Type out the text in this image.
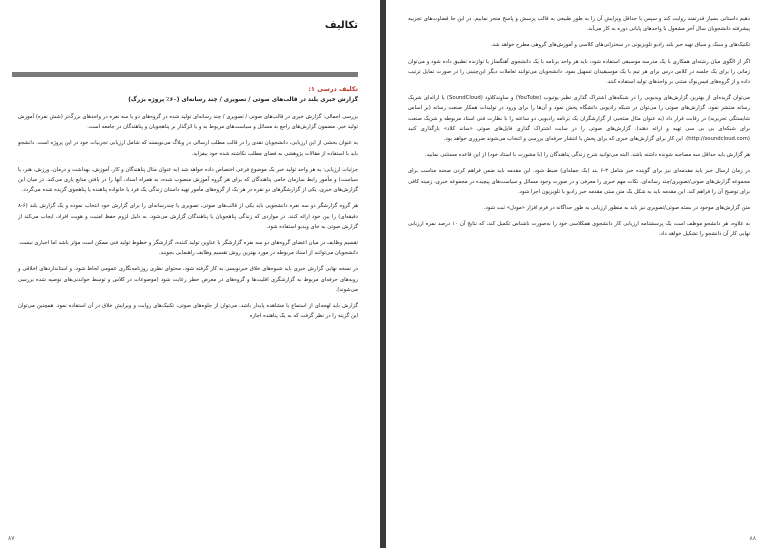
تکالیف
تکلیف درسی ۱:
گزارش خبری بلند در قالب‌های صوتی / تصویری / چند رسانه‌ای (۶۰٪ پروژه بزرگ)

بررسی اجمالی: گزارش خبری در قالب‌های صوتی / تصویری / چند رسانه‌ای تولید شده در گروه‌های دو یا سه نفره در واحدهای بزرگ‌تر (شش نفره) آموزش تولید خبر. مضمون گزارش‌های راجع به مسائل و سیاست‌های مربوط به و یا اثرگذار بر پناهجویان و پناهندگان در جامعه است.

به عنوان بخشی از این ارزیابی، دانشجویان نقدی را در قالب مطلب ارسالی در وبلاگ می‌نویسند که شامل ارزیابی تجربیات خود در این پروژه است. دانشجو باید با استفاده از مقالات پژوهشی به فضای مطلب نکاشته شده خود بیفزاید.

جزئیات ارزیابی: به هر واحد تولید خبر یک موضوع فرعی اختصاص داده خواهد شد (به عنوان مثال پناهندگان و کار، آموزش، بهداشت و درمان، ورزش، هنر، یا سیاست) و مأمور رابط سازمان حامی پناهندگان که برای هر گروه آموزش منصوب شده، به همراه استاد، آنها را در یافتن منابع یاری می‌کند. در میان این گزارش‌های خبری، یکی از گزارشگرهای دو نفره در هر یک از گروه‌های مأمور تهیه داستان زندگی یک فرد یا خانواده پناهنده یا پناهجوی گزیده شده می‌گردد.

هر گروه گزارشگر دو سه نفره دانشجویی باید یکی از قالب‌های صوتی، تصویری یا چندرسانه‌ای را برای گزارش خود انتخاب نموده و یک گزارش بلند (۶-۸ دقیقه‌ای) را بین خود ارائه کنند. در مواردی که زندگی پناهجویان یا پناهندگان گزارش می‌شود، به دلیل لزوم حفظ امنیت و هویت افراد، ایجاب می‌کند از گزارش صوتی به جای ویدیو استفاده شود.

تقسیم وظایف در میان اعضای گروه‌های دو سه نفره گزارشگر با عناوین تولید کننده، گزارشگر و خطوط تولید فنی ممکن است مؤثر باشد اما اجباری نیست. دانشجویان می‌توانند از اسناد مربوطه در مورد بهترین روش تقسیم وظایف راهنمایی بجویند.

در نسخه نهایی گزارش خبری باید شیوه‌های خلاق خبرنویسی به کار گرفته شود، محتوای نظری روزنامه‌نگاری عمومی لحاظ شود، و استانداردهای اخلاقی و رویه‌های حرفه‌ای مربوط به گزارشگری اقلیت‌ها و گروه‌های در معرض خطر رعایت شود (موضوعات در کلاس و توسط خواندنی‌های توصیه شده بررسی می‌شوند).

گزارش باید لهجه‌ای از استماع یا مشاهده پایدار باشد. می‌توان از جلوه‌های صوتی، تکنیک‌های روایت و ویرایش خلاق در آن استفاده نمود. همچنین می‌توان این گزینه را در نظر گرفت که به یک پناهنده اجازه

۸۷

دهیم داستانی بسیار قدرتمند روایت کند و سپس با حداقل ویرایش آن را به طور طبیعی به قالب پرسش و پاسخ منجر نماییم. در این جا قضاوت‌های تجربیه پیشرفته دانشجویان سال آخر مشغول با واحدهای پایانی دوره به کار می‌آید.

تکنیک‌های و سبک و سیاق تهیه خبر بلند رادیو تلویزیونی در سخنرانی‌های کلاسی و آموزش‌های گروهی مطرح خواهد شد.

اگر از الگوی میان رشته‌ای همکاری با یک مدرسه موسیقی استفاده شود، باید هر واحد برنامه با یک دانشجوی آهنگساز یا نوازنده تطبیق داده شود و می‌توان زمانی را برای یک جلسه در کلاس درس برای هر تیم با یک موسیقیدان تسهیل نمود. دانشجویان می‌توانند تعاملات دیگر این‌چنینی را در صورت تمایل ترتیب داده و از گروه‌های فیس‌بوک مبتنی بر واحدهای تولید استفاده کنند.

می‌توان گزیده‌ای از بهترین گزارش‌های ویدیویی را در شبکه‌های اشتراک گذاری نظیر یوتیوب (YouTube) و ساوندکلاود (SoundCloud) یا ارائه‌ای شریک رسانه منتشر نمود. گزارش‌های صوتی را می‌توان در شبکه رادیویی دانشگاه پخش نمود و آن‌ها را برای ورود در تولیدات همکار صنعت رسانه (بر اساس شایستگی تحریریه) در رقابت قرار داد (به عنوان مثال منتخبی از گزارشگران یک برنامه رادیویی دو ساعته را با نظارت فنی استاد مربوطه و شریک صنعت برای شبکه‌ای بی بی سی تهیه و ارائه دهند). گزارش‌های صوتی را در سایت اشتراک گذاری فایل‌های صوتی «ساند کلاد» بارگذاری کنید (http://soundcloud.com). این کار برای گزارش‌های خبری که برای پخش یا انتشار حرفه‌ای بررسی و انتخاب می‌شوند ضروری خواهد بود.

هر گزارش باید حداقل سه مصاحبه شونده داشته باشد. البته می‌توانید شرح زندگی پناهندگان را (با مشورت با استاد خود) از این قاعده مستثنی نمایید.

در زمان ارسال خبر باید مقدمه‌ای نیز برای گوینده خبر شامل ۳-۶ بند (یک جمله‌ای) ضبط شود. این مقدمه باید ضمن فراهم کردن صحنه مناسب برای مجموعه گزارش‌های صوتی/تصویری/چند رسانه‌ای، نکات مهم خبری را معرفی و در صورت وجود مسائل و سیاست‌های پیچیده در مجموعه خبری، زمینه کافی برای توضیح آن را فراهم کند. این مقدمه باید به شکل یک متن ستی مقدمه خبر رادیو یا تلویزیون اجرا شود.

متن گزارش‌های موجود در بسته صوتی/تصویری نیز باید به منظور ارزیابی به طور جداگانه در فرم افزار «مودل» ثبت شود.

به علاوه، هر دانشجو موظف است یک پرسشنامه ارزیابی کار دانشجوی همکلاسی خود را به‌صورت ناشناس تکمیل کند، که نتایج آن ۱۰ درصد نمره ارزیابی نهایی کار آن دانشجو را تشکیل خواهد داد.

۸۸
